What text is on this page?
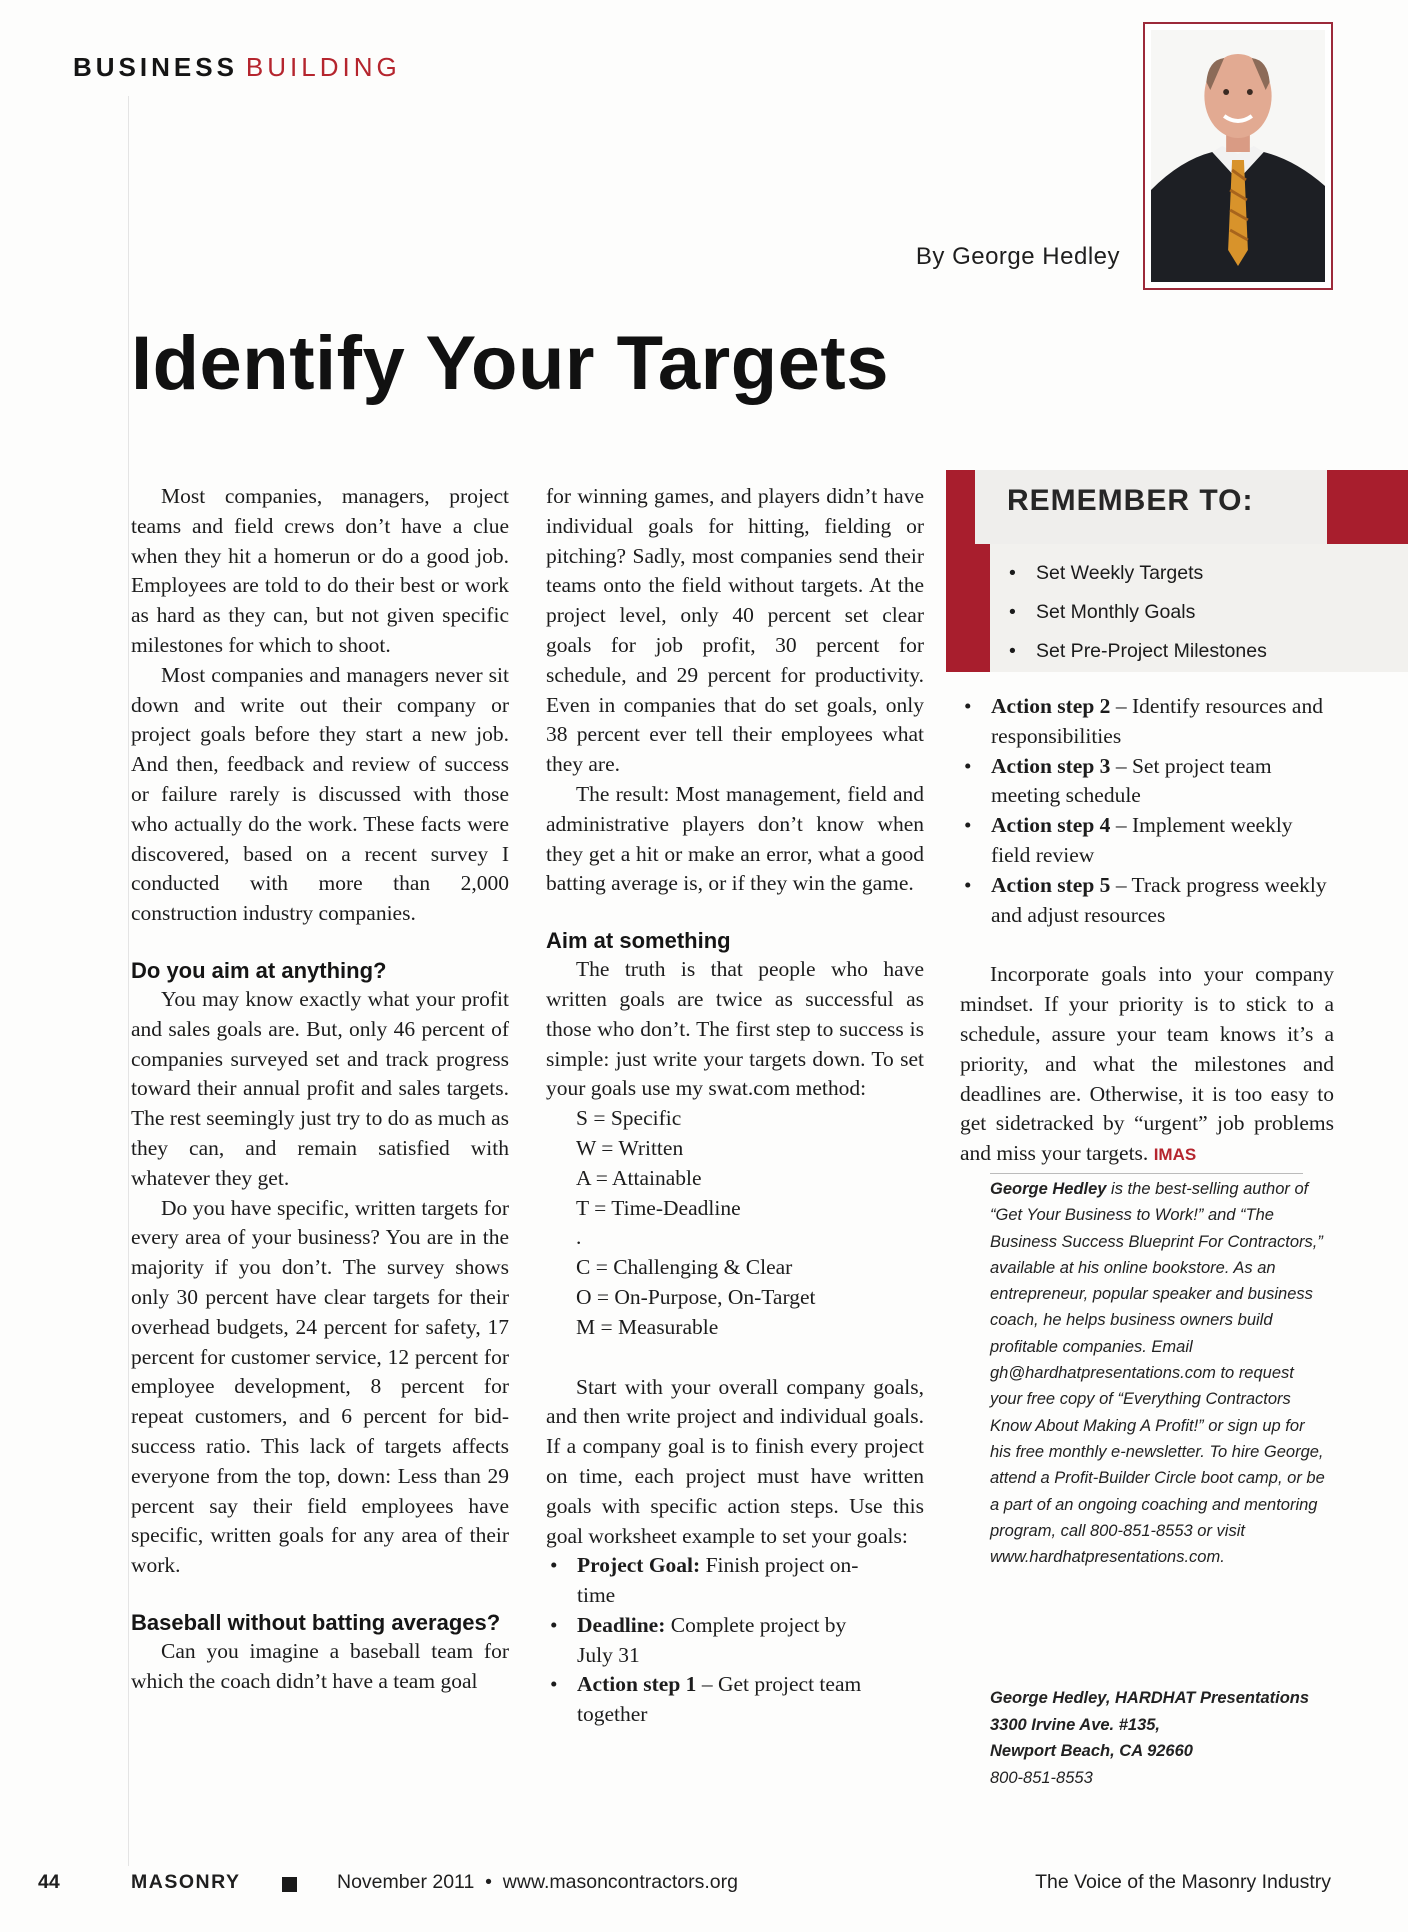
BUSINESS BUILDING
By George Hedley
Identify Your Targets

Most companies, managers, project teams and field crews don’t have a clue when they hit a homerun or do a good job. Employees are told to do their best or work as hard as they can, but not given specific milestones for which to shoot.

Most companies and managers never sit down and write out their company or project goals before they start a new job. And then, feedback and review of success or failure rarely is discussed with those who actually do the work. These facts were discovered, based on a recent survey I conducted with more than 2,000 construction industry companies.

Do you aim at anything?

You may know exactly what your profit and sales goals are. But, only 46 percent of companies surveyed set and track progress toward their annual profit and sales targets. The rest seemingly just try to do as much as they can, and remain satisfied with whatever they get.

Do you have specific, written targets for every area of your business? You are in the majority if you don’t. The survey shows only 30 percent have clear targets for their overhead budgets, 24 percent for safety, 17 percent for customer service, 12 percent for employee development, 8 percent for repeat customers, and 6 percent for bid-success ratio. This lack of targets affects everyone from the top, down: Less than 29 percent say their field employees have specific, written goals for any area of their work.

Baseball without batting averages?

Can you imagine a baseball team for which the coach didn’t have a team goal

for winning games, and players didn’t have individual goals for hitting, fielding or pitching? Sadly, most companies send their teams onto the field without targets. At the project level, only 40 percent set clear goals for job profit, 30 percent for schedule, and 29 percent for productivity. Even in companies that do set goals, only 38 percent ever tell their employees what they are.

The result: Most management, field and administrative players don’t know when they get a hit or make an error, what a good batting average is, or if they win the game.

Aim at something

The truth is that people who have written goals are twice as successful as those who don’t. The first step to success is simple: just write your targets down. To set your goals use my swat.com method:

S = Specific
W = Written
A = Attainable
T = Time-Deadline
.
C = Challenging & Clear
O = On-Purpose, On-Target
M = Measurable

Start with your overall company goals, and then write project and individual goals. If a company goal is to finish every project on time, each project must have written goals with specific action steps. Use this goal worksheet example to set your goals:

• Project Goal: Finish project on-time
• Deadline: Complete project by July 31
• Action step 1 – Get project team together
REMEMBER TO:
• Set Weekly Targets
• Set Monthly Goals
• Set Pre-Project Milestones
• Action step 2 – Identify resources and responsibilities
• Action step 3 – Set project team meeting schedule
• Action step 4 – Implement weekly field review
• Action step 5 – Track progress weekly and adjust resources

Incorporate goals into your company mindset. If your priority is to stick to a schedule, assure your team knows it’s a priority, and what the milestones and deadlines are. Otherwise, it is too easy to get sidetracked by “urgent” job problems and miss your targets. IMAS

George Hedley is the best-selling author of “Get Your Business to Work!” and “The Business Success Blueprint For Contractors,” available at his online bookstore. As an entrepreneur, popular speaker and business coach, he helps business owners build profitable companies. Email gh@hardhatpresentations.com to request your free copy of “Everything Contractors Know About Making A Profit!” or sign up for his free monthly e-newsletter. To hire George, attend a Profit-Builder Circle boot camp, or be a part of an ongoing coaching and mentoring program, call 800-851-8553 or visit www.hardhatpresentations.com.

George Hedley, HARDHAT Presentations
3300 Irvine Ave. #135,
Newport Beach, CA 92660
800-851-8553
44	MASONRY	November 2011  •  www.masoncontractors.org	The Voice of the Masonry Industry
